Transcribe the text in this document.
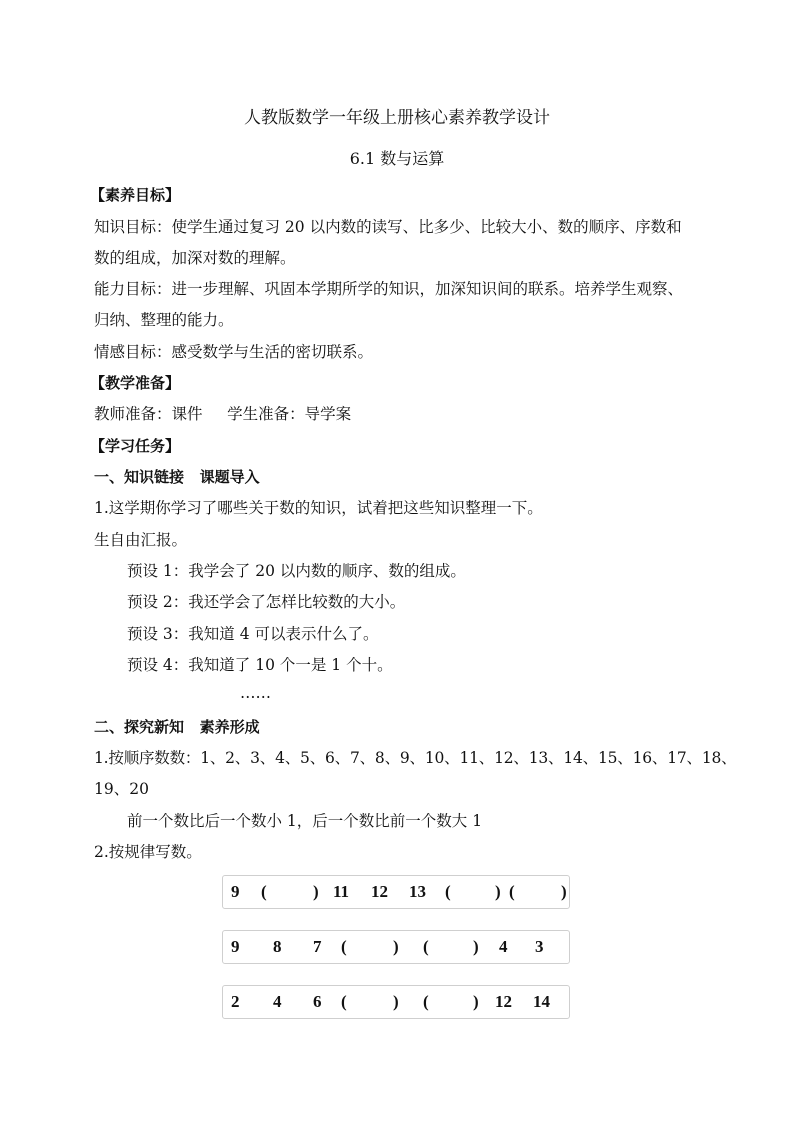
人教版数学一年级上册核心素养教学设计
6.1 数与运算
【素养目标】
知识目标：使学生通过复习 20 以内数的读写、比多少、比较大小、数的顺序、序数和
数的组成，加深对数的理解。
能力目标：进一步理解、巩固本学期所学的知识，加深知识间的联系。培养学生观察、
归纳、整理的能力。
情感目标：感受数学与生活的密切联系。
【教学准备】
教师准备：课件     学生准备：导学案
【学习任务】
一、知识链接   课题导入
1.这学期你学习了哪些关于数的知识，试着把这些知识整理一下。
生自由汇报。
预设 1：我学会了 20 以内数的顺序、数的组成。
预设 2：我还学会了怎样比较数的大小。
预设 3：我知道 4 可以表示什么了。
预设 4：我知道了 10 个一是 1 个十。
……
二、探究新知   素养形成
1.按顺序数数：1、2、3、4、5、6、7、8、9、10、11、12、13、14、15、16、17、18、
19、20
前一个数比后一个数小 1，后一个数比前一个数大 1
2.按规律写数。
9 (	) 11 12 13 (	) (	)
9 8 7 (	) (	) 4 3
2 4 6 (	) (	) 12 14
